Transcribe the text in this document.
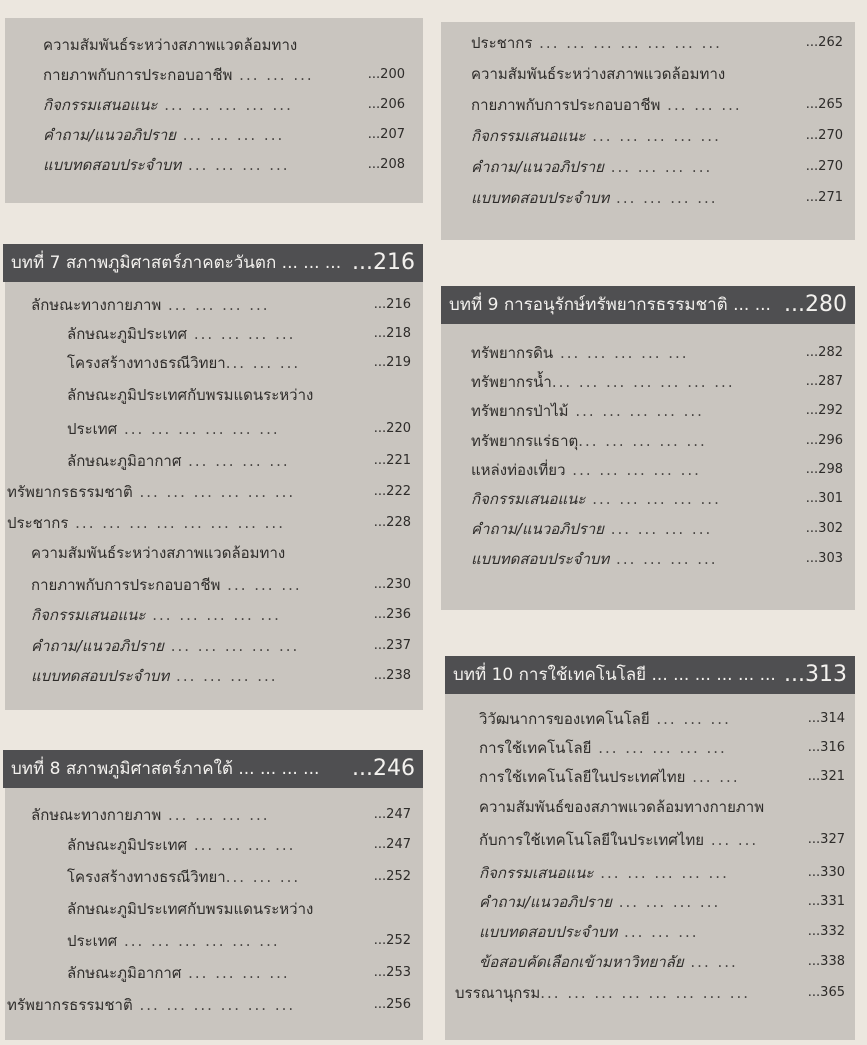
ความสัมพันธ์ระหว่างสภาพแวดล้อมทาง
กายภาพกับการประกอบอาชีพ ... ... ...	...200
กิจกรรมเสนอแนะ ... ... ... ... ...	...206
คำถาม/แนวอภิปราย ... ... ... ...	...207
แบบทดสอบประจำบท ... ... ... ...	...208
บทที่ 7 สภาพภูมิศาสตร์ภาคตะวันตก ... ... ... ...216
ลักษณะทางกายภาพ ... ... ... ...	...216
ลักษณะภูมิประเทศ ... ... ... ...	...218
โครงสร้างทางธรณีวิทยา... ... ...	...219
ลักษณะภูมิประเทศกับพรมแดนระหว่าง
ประเทศ ... ... ... ... ... ...	...220
ลักษณะภูมิอากาศ ... ... ... ...	...221
ทรัพยากรธรรมชาติ ... ... ... ... ... ...	...222
ประชากร ... ... ... ... ... ... ... ...	...228
ความสัมพันธ์ระหว่างสภาพแวดล้อมทาง
กายภาพกับการประกอบอาชีพ ... ... ...	...230
กิจกรรมเสนอแนะ ... ... ... ... ...	...236
คำถาม/แนวอภิปราย ... ... ... ... ...	...237
แบบทดสอบประจำบท ... ... ... ...	...238
บทที่ 8 สภาพภูมิศาสตร์ภาคใต้ ... ... ... ... ...246
ลักษณะทางกายภาพ ... ... ... ...	...247
ลักษณะภูมิประเทศ ... ... ... ...	...247
โครงสร้างทางธรณีวิทยา... ... ...	...252
ลักษณะภูมิประเทศกับพรมแดนระหว่าง
ประเทศ ... ... ... ... ... ...	...252
ลักษณะภูมิอากาศ ... ... ... ...	...253
ทรัพยากรธรรมชาติ ... ... ... ... ... ...	...256
ประชากร ... ... ... ... ... ... ...	...262
ความสัมพันธ์ระหว่างสภาพแวดล้อมทาง
กายภาพกับการประกอบอาชีพ ... ... ...	...265
กิจกรรมเสนอแนะ ... ... ... ... ...	...270
คำถาม/แนวอภิปราย ... ... ... ...	...270
แบบทดสอบประจำบท ... ... ... ...	...271
บทที่ 9 การอนุรักษ์ทรัพยากรธรรมชาติ ... ... ...280
ทรัพยากรดิน ... ... ... ... ...	...282
ทรัพยากรน้ำ... ... ... ... ... ... ...	...287
ทรัพยากรป่าไม้ ... ... ... ... ...	...292
ทรัพยากรแร่ธาตุ... ... ... ... ...	...296
แหล่งท่องเที่ยว ... ... ... ... ...	...298
กิจกรรมเสนอแนะ ... ... ... ... ...	...301
คำถาม/แนวอภิปราย ... ... ... ...	...302
แบบทดสอบประจำบท ... ... ... ...	...303
บทที่ 10 การใช้เทคโนโลยี ... ... ... ... ... ... ...313
วิวัฒนาการของเทคโนโลยี ... ... ...	...314
การใช้เทคโนโลยี ... ... ... ... ...	...316
การใช้เทคโนโลยีในประเทศไทย ... ...	...321
ความสัมพันธ์ของสภาพแวดล้อมทางกายภาพ
กับการใช้เทคโนโลยีในประเทศไทย ... ...	...327
กิจกรรมเสนอแนะ ... ... ... ... ...	...330
คำถาม/แนวอภิปราย ... ... ... ...	...331
แบบทดสอบประจำบท ... ... ...	...332
ข้อสอบคัดเลือกเข้ามหาวิทยาลัย ... ...	...338
บรรณานุกรม... ... ... ... ... ... ... ...	...365
